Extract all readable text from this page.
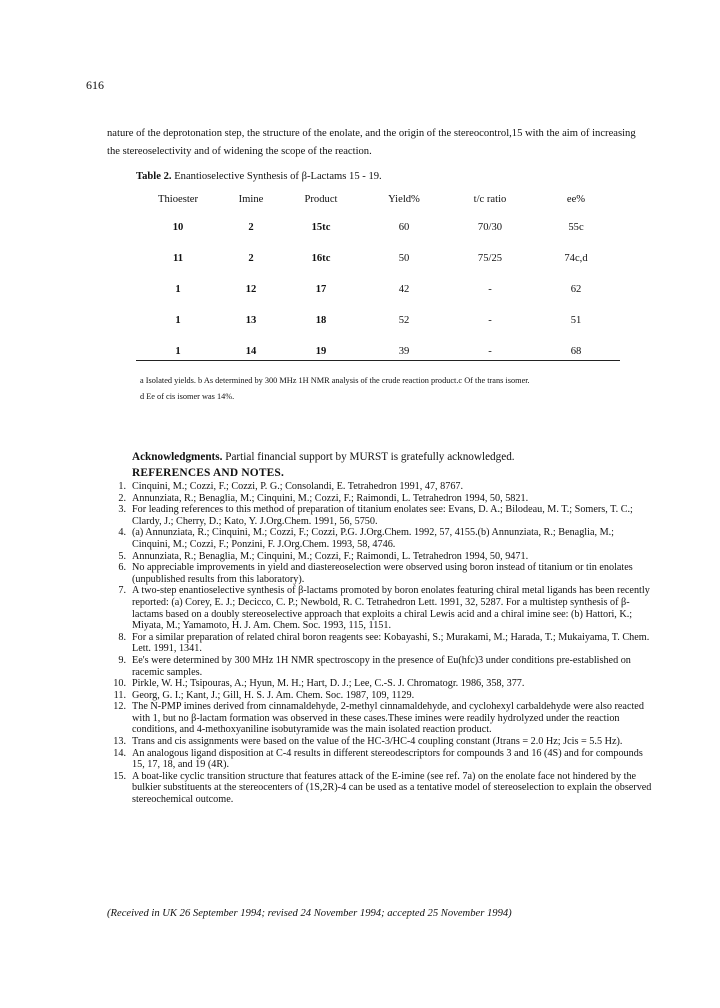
616
nature of the deprotonation step, the structure of the enolate, and the origin of the stereocontrol,15 with the aim of increasing the stereoselectivity and of widening the scope of the reaction.
Table 2. Enantioselective Synthesis of β-Lactams 15 - 19.
Thioester	Imine	Product	Yield%	t/c ratio	ee%
10	2	15tc	60	70/30	55c
11	2	16tc	50	75/25	74c,d
1	12	17	42	-	62
1	13	18	52	-	51
1	14	19	39	-	68
a Isolated yields. b As determined by 300 MHz 1H NMR analysis of the crude reaction product.c Of the trans isomer.
d Ee of cis isomer was 14%.
Acknowledgments. Partial financial support by MURST is gratefully acknowledged.
REFERENCES AND NOTES.
1. Cinquini, M.; Cozzi, F.; Cozzi, P. G.; Consolandi, E. Tetrahedron 1991, 47, 8767.
2. Annunziata, R.; Benaglia, M.; Cinquini, M.; Cozzi, F.; Raimondi, L. Tetrahedron 1994, 50, 5821.
3. For leading references to this method of preparation of titanium enolates see: Evans, D. A.; Bilodeau, M. T.; Somers, T. C.; Clardy, J.; Cherry, D.; Kato, Y. J.Org.Chem. 1991, 56, 5750.
4. (a) Annunziata, R.; Cinquini, M.; Cozzi, F.; Cozzi, P.G. J.Org.Chem. 1992, 57, 4155.(b) Annunziata, R.; Benaglia, M.; Cinquini, M.; Cozzi, F.; Ponzini, F. J.Org.Chem. 1993, 58, 4746.
5. Annunziata, R.; Benaglia, M.; Cinquini, M.; Cozzi, F.; Raimondi, L. Tetrahedron 1994, 50, 9471.
6. No appreciable improvements in yield and diastereoselection were observed using boron instead of titanium or tin enolates (unpublished results from this laboratory).
7. A two-step enantioselective synthesis of β-lactams promoted by boron enolates featuring chiral metal ligands has been recently reported: (a) Corey, E. J.; Decicco, C. P.; Newbold, R. C. Tetrahedron Lett. 1991, 32, 5287. For a multistep synthesis of β-lactams based on a doubly stereoselective approach that exploits a chiral Lewis acid and a chiral imine see: (b) Hattori, K.; Miyata, M.; Yamamoto, H. J. Am. Chem. Soc. 1993, 115, 1151.
8. For a similar preparation of related chiral boron reagents see: Kobayashi, S.; Murakami, M.; Harada, T.; Mukaiyama, T. Chem. Lett. 1991, 1341.
9. Ee's were determined by 300 MHz 1H NMR spectroscopy in the presence of Eu(hfc)3 under conditions pre-established on racemic samples.
10. Pirkle, W. H.; Tsipouras, A.; Hyun, M. H.; Hart, D. J.; Lee, C.-S. J. Chromatogr. 1986, 358, 377.
11. Georg, G. I.; Kant, J.; Gill, H. S. J. Am. Chem. Soc. 1987, 109, 1129.
12. The N-PMP imines derived from cinnamaldehyde, 2-methyl cinnamaldehyde, and cyclohexyl carbaldehyde were also reacted with 1, but no β-lactam formation was observed in these cases.These imines were readily hydrolyzed under the reaction conditions, and 4-methoxyaniline isobutyramide was the main isolated reaction product.
13. Trans and cis assignments were based on the value of the HC-3/HC-4 coupling constant (Jtrans = 2.0 Hz; Jcis = 5.5 Hz).
14. An analogous ligand disposition at C-4 results in different stereodescriptors for compounds 3 and 16 (4S) and for compounds 15, 17, 18, and 19 (4R).
15. A boat-like cyclic transition structure that features attack of the E-imine (see ref. 7a) on the enolate face not hindered by the bulkier substituents at the stereocenters of (1S,2R)-4 can be used as a tentative model of stereoselection to explain the observed stereochemical outcome.
(Received in UK 26 September 1994; revised 24 November 1994; accepted 25 November 1994)
